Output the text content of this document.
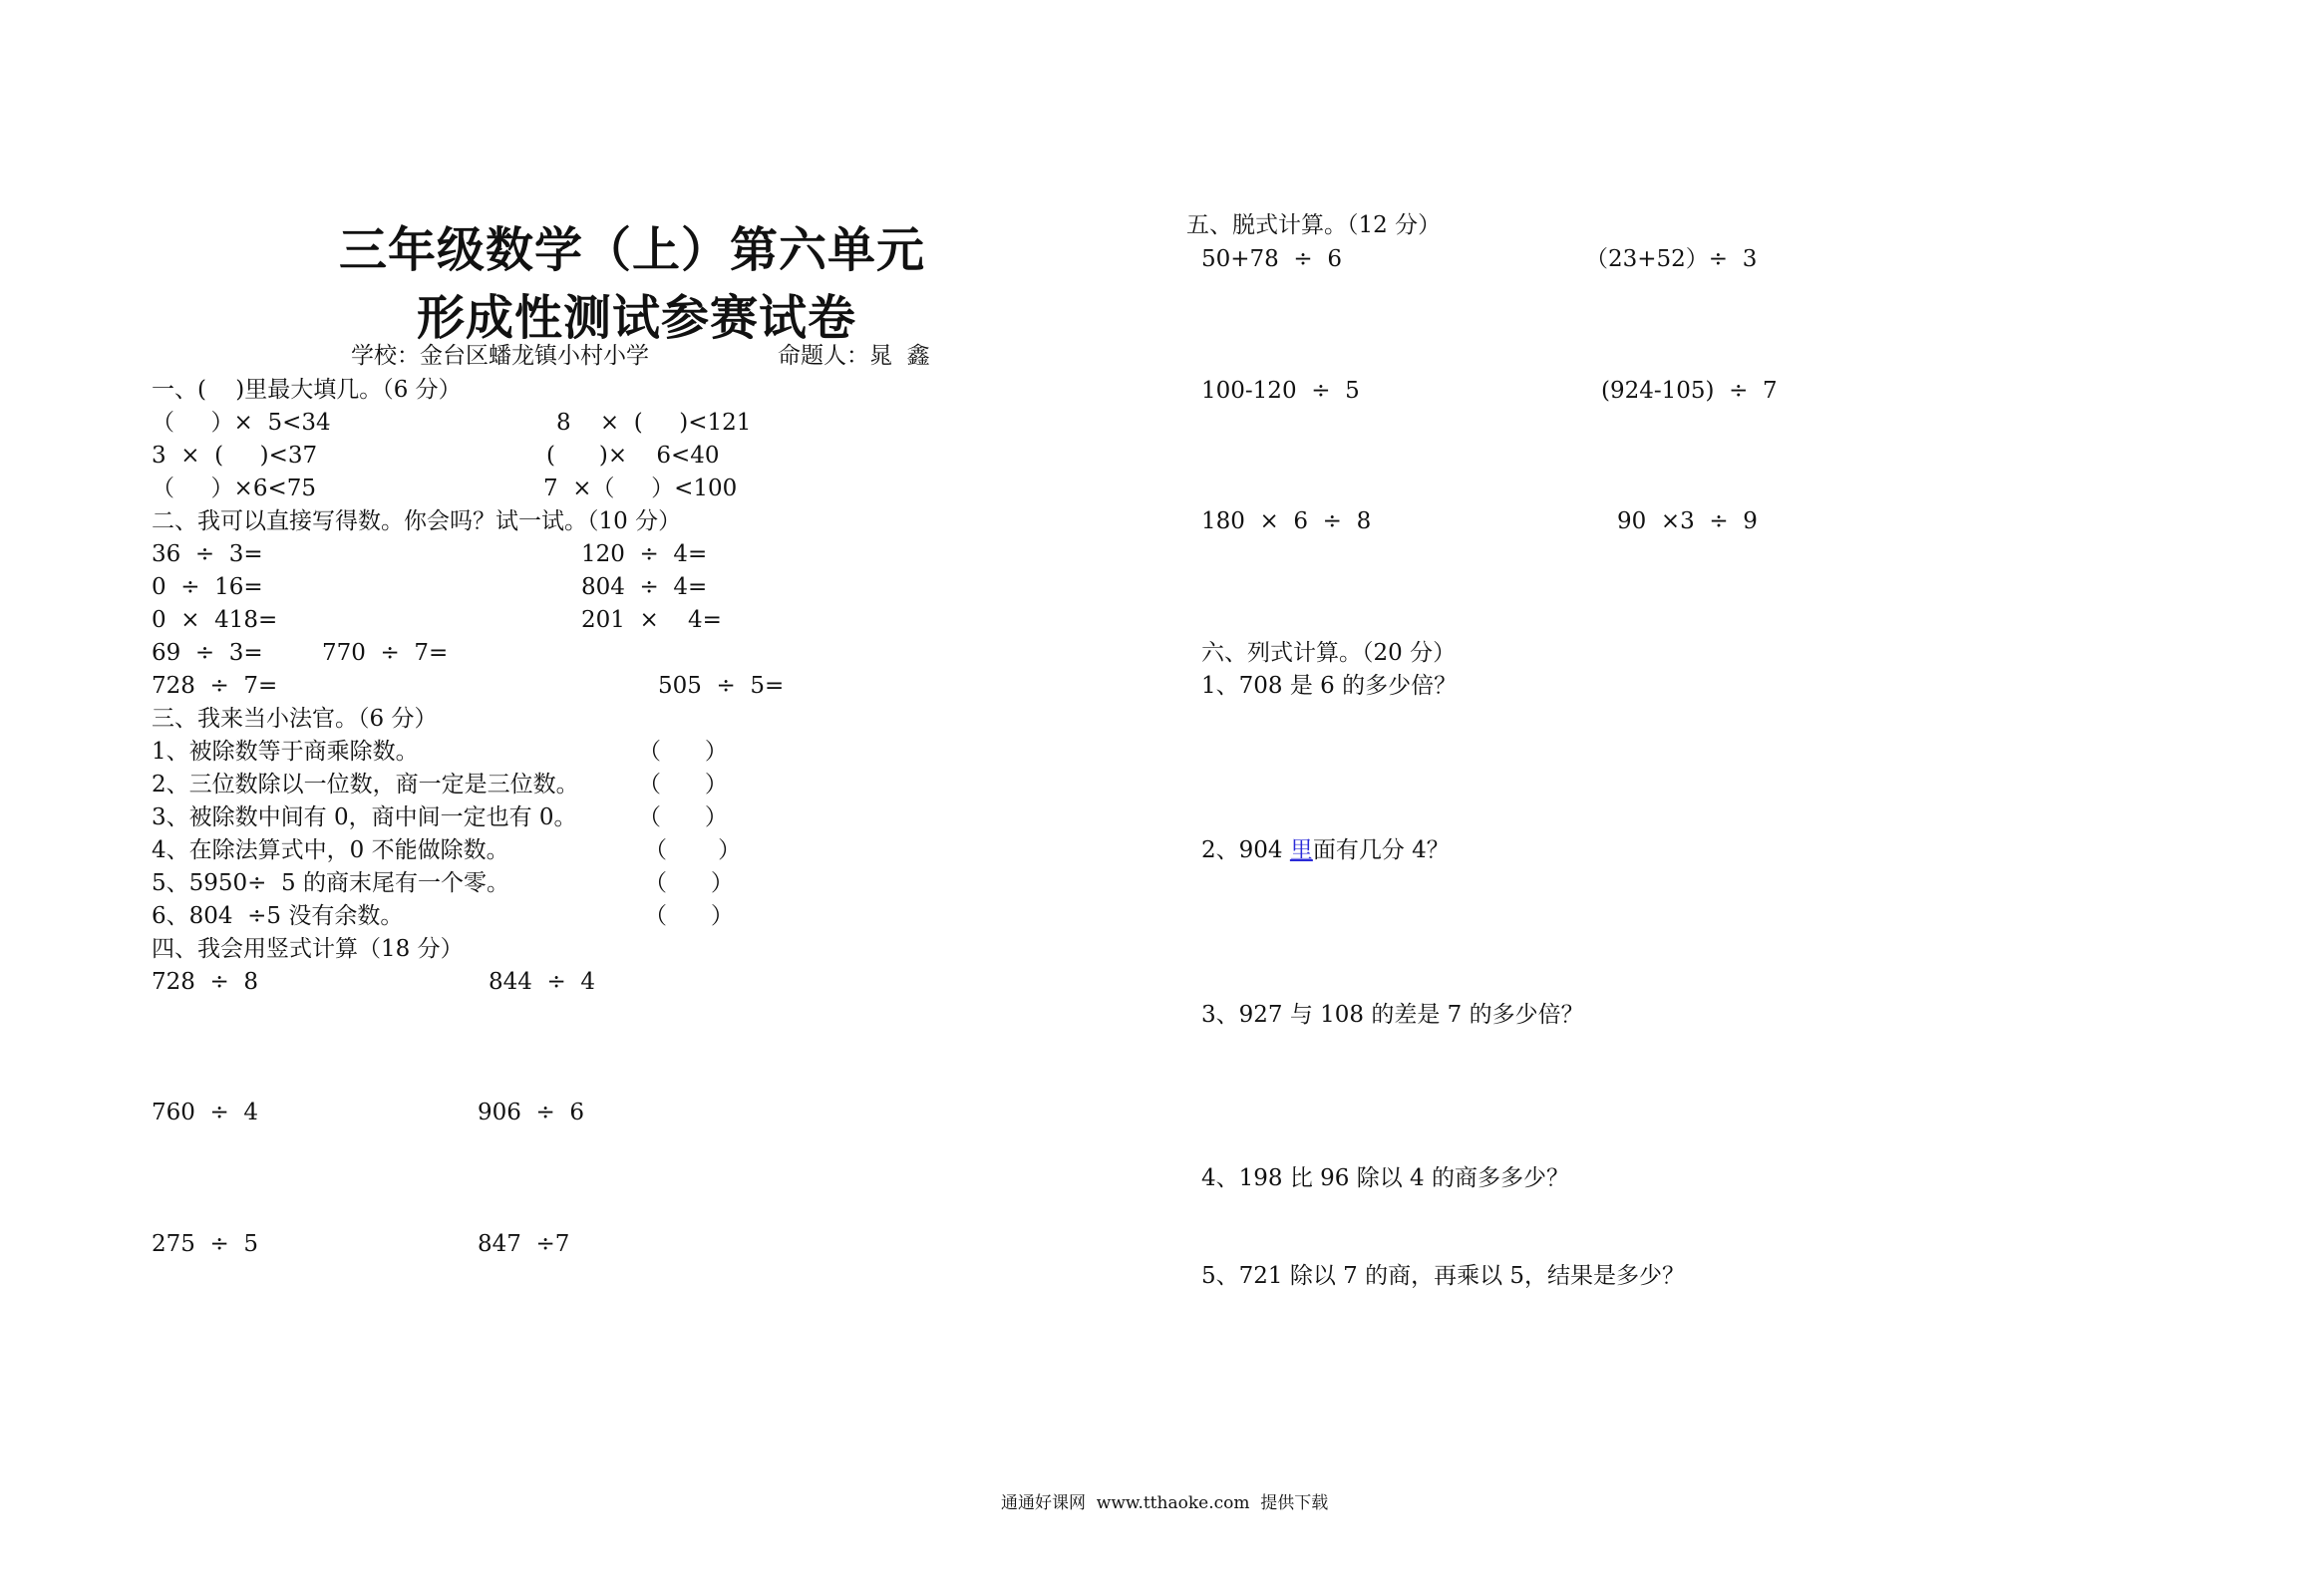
三年级数学（上）第六单元
形成性测试参赛试卷
学校：金台区蟠龙镇小村小学	命题人：晁  鑫
一、(    )里最大填几。（6 分）
（     ）×  5<34	8    ×  (     )<121
3  ×  (     )<37	(      )×    6<40
（     ）×6<75	7  ×（     ）<100
二、我可以直接写得数。你会吗？试一试。（10 分）
36  ÷  3=	120  ÷  4=
0  ÷  16=	804  ÷  4=
0  ×  418=	201  ×    4=
69  ÷  3=	770  ÷  7=
728  ÷  7=	505  ÷  5=
三、我来当小法官。（6 分）
1、被除数等于商乘除数。	（      ）
2、三位数除以一位数，商一定是三位数。	（      ）
3、被除数中间有 0，商中间一定也有 0。	（      ）
4、在除法算式中，0 不能做除数。	（       ）
5、5950÷  5 的商末尾有一个零。	（      ）
6、804  ÷5 没有余数。	（      ）
四、我会用竖式计算（18 分）
728  ÷  8	844  ÷  4
760  ÷  4	906  ÷  6
275  ÷  5	847  ÷7
五、脱式计算。（12 分）
50+78  ÷  6	（23+52）÷  3
100-120  ÷  5	(924-105)  ÷  7
180  ×  6  ÷  8	90  ×3  ÷  9
六、列式计算。（20 分）
1、708 是 6 的多少倍？
2、904 里面有几分 4？
3、927 与 108 的差是 7 的多少倍？
4、198 比 96 除以 4 的商多多少？
5、721 除以 7 的商，再乘以 5，结果是多少？
通通好课网  www.tthaoke.com  提供下载
